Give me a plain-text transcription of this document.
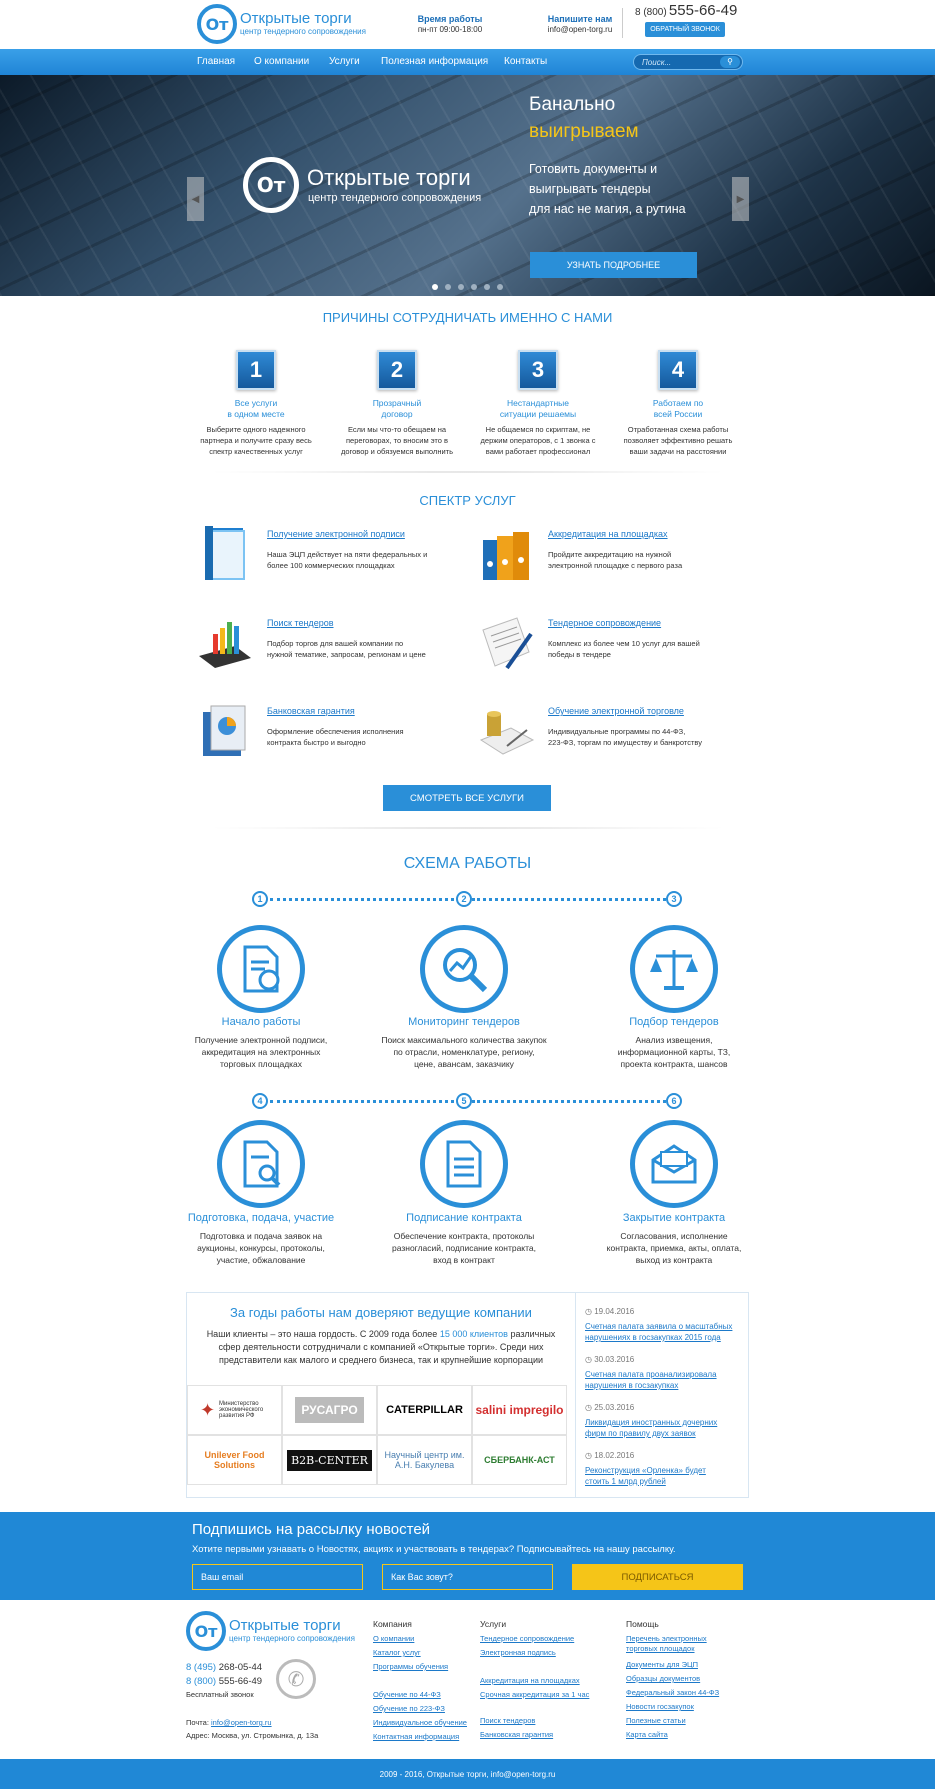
Oт Открытые торги
центр тендерного сопровождения
Время работы
пн-пт 09:00-18:00
Напишите нам
info@open-torg.ru
8 (800) 555-66-49
ОБРАТНЫЙ ЗВОНОК
Главная О компании Услуги Полезная информация Контакты	Поиск...	⚲
◀	▶
Oт Открытые торги
центр тендерного сопровождения
Банально
выигрываем
Готовить документы и
выигрывать тендеры
для нас не магия, а рутина
УЗНАТЬ ПОДРОБНЕЕ
ПРИЧИНЫ СОТРУДНИЧАТЬ ИМЕННО С НАМИ
1
Все услуги
в одном месте
Выберите одного надежного
партнера и получите сразу весь
спектр качественных услуг
2
Прозрачный
договор
Если мы что-то обещаем на
переговорах, то вносим это в
договор и обязуемся выполнить
3
Нестандартные
ситуации решаемы
Не общаемся по скриптам, не
держим операторов, с 1 звонка с
вами работает профессионал
4
Работаем по
всей России
Отработанная схема работы
позволяет эффективно решать
ваши задачи на расстоянии
СПЕКТР УСЛУГ
Получение электронной подписи
Наша ЭЦП действует на пяти федеральных и
более 100 коммерческих площадках
Аккредитация на площадках
Пройдите аккредитацию на нужной
электронной площадке с первого раза
Поиск тендеров
Подбор торгов для вашей компании по
нужной тематике, запросам, регионам и цене
Тендерное сопровождение
Комплекс из более чем 10 услуг для вашей
победы в тендере
Банковская гарантия
Оформление обеспечения исполнения
контракта быстро и выгодно
Обучение электронной торговле
Индивидуальные программы по 44-ФЗ,
223-ФЗ, торгам по имуществу и банкротству
СМОТРЕТЬ ВСЕ УСЛУГИ
СХЕМА РАБОТЫ
1	2	3
Начало работы
Получение электронной подписи,
аккредитация на электронных
торговых площадках
Мониторинг тендеров
Поиск максимального количества закупок
по отрасли, номенклатуре, региону,
цене, авансам, заказчику
Подбор тендеров
Анализ извещения,
информационной карты, ТЗ,
проекта контракта, шансов
4	5	6
Подготовка, подача, участие
Подготовка и подача заявок на
аукционы, конкурсы, протоколы,
участие, обжалование
Подписание контракта
Обеспечение контракта, протоколы
разногласий, подписание контракта,
вход в контракт
Закрытие контракта
Согласования, исполнение
контракта, приемка, акты, оплата,
выход из контракта
За годы работы нам доверяют ведущие компании
Наши клиенты – это наша гордость. С 2009 года более 15 000 клиентов различных сфер деятельности сотрудничали с компанией «Открытые торги». Среди них представители как малого и среднего бизнеса, так и крупнейшие корпорации
✦ Министерство экономического развития РФ	РУСАГРО	CATERPILLAR	salini impregilo
Unilever Food Solutions	B2B-CENTER	Научный центр им. А.Н. Бакулева	СБЕРБАНК-АСТ
◷ 19.04.2016
Счетная палата заявила о масштабных
нарушениях в госзакупках 2015 года
◷ 30.03.2016
Счетная палата проанализировала
нарушения в госзакупках
◷ 25.03.2016
Ликвидация иностранных дочерних
фирм по правилу двух заявок
◷ 18.02.2016
Реконструкция «Орленка» будет
стоить 1 млрд рублей
Подпишись на рассылку новостей
Хотите первыми узнавать о Новостях, акциях и участвовать в тендерах? Подписывайтесь на нашу рассылку.
Ваш email	Как Вас зовут?	ПОДПИСАТЬСЯ
Oт Открытые торги
центр тендерного сопровождения
8 (495) 268-05-44
8 (800) 555-66-49
Бесплатный звонок
✆
Почта: info@open-torg.ru
Адрес: Москва, ул. Стромынка, д. 13а
Компания
О компании
Каталог услуг
Программы обучения
Обучение по 44-ФЗ
Обучение по 223-ФЗ
Индивидуальное обучение
Контактная информация
Услуги
Тендерное сопровождение
Электронная подпись
Аккредитация на площадках
Срочная аккредитация за 1 час
Поиск тендеров
Банковская гарантия
Помощь
Перечень электронных торговых площадок
Документы для ЭЦП
Образцы документов
Федеральный закон 44-ФЗ
Новости госзакупок
Полезные статьи
Карта сайта
2009 - 2016, Открытые торги, info@open-torg.ru
